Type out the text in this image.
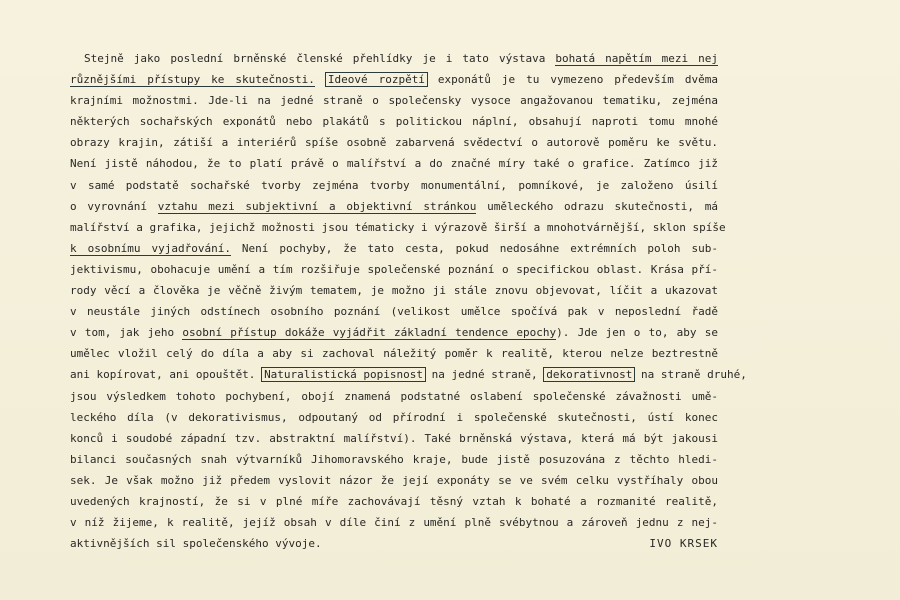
Stejně jako poslední brněnské členské přehlídky je i tato výstava bohatá napětím mezi nej
různějšími přístupy ke skutečnosti. Ideové rozpětí exponátů je tu vymezeno především dvěma
krajními možnostmi. Jde-li na jedné straně o společensky vysoce angažovanou tematiku, zejména
některých sochařských exponátů nebo plakátů s politickou náplní, obsahují naproti tomu mnohé
obrazy krajin, zátiší a interiérů spíše osobně zabarvená svědectví o autorově poměru ke světu.
Není jistě náhodou, že to platí právě o malířství a do značné míry také o grafice. Zatímco již
v samé podstatě sochařské tvorby zejména tvorby monumentální, pomníkové, je založeno úsilí
o vyrovnání vztahu mezi subjektivní a objektivní stránkou uměleckého odrazu skutečnosti, má
malířství a grafika, jejichž možnosti jsou tématicky i výrazově širší a mnohotvárnější, sklon spíše
k osobnímu vyjadřování. Není pochyby, že tato cesta, pokud nedosáhne extrémních poloh sub-
jektivismu, obohacuje umění a tím rozšiřuje společenské poznání o specifickou oblast. Krása pří-
rody věcí a člověka je věčně živým tematem, je možno ji stále znovu objevovat, líčit a ukazovat
v neustále jiných odstínech osobního poznání (velikost umělce spočívá pak v neposlední řadě
v tom, jak jeho osobní přístup dokáže vyjádřit základní tendence epochy). Jde jen o to, aby se
umělec vložil celý do díla a aby si zachoval náležitý poměr k realitě, kterou nelze beztrestně
ani kopírovat, ani opouštět. Naturalistická popisnost na jedné straně, dekorativnost na straně druhé,
jsou výsledkem tohoto pochybení, obojí znamená podstatné oslabení společenské závažnosti umě-
leckého díla (v dekorativismus, odpoutaný od přírodní i společenské skutečnosti, ústí konec
konců i soudobé západní tzv. abstraktní malířství). Také brněnská výstava, která má být jakousi
bilanci současných snah výtvarníků Jihomoravského kraje, bude jistě posuzována z těchto hledi-
sek. Je však možno již předem vyslovit názor že její exponáty se ve svém celku vystříhaly obou
uvedených krajností, že si v plné míře zachovávají těsný vztah k bohaté a rozmanité realitě,
v níž žijeme, k realitě, jejíž obsah v díle činí z umění plně svébytnou a zároveň jednu z nej-
aktivnějších sil společenského vývoje.	IVO KRSEK
